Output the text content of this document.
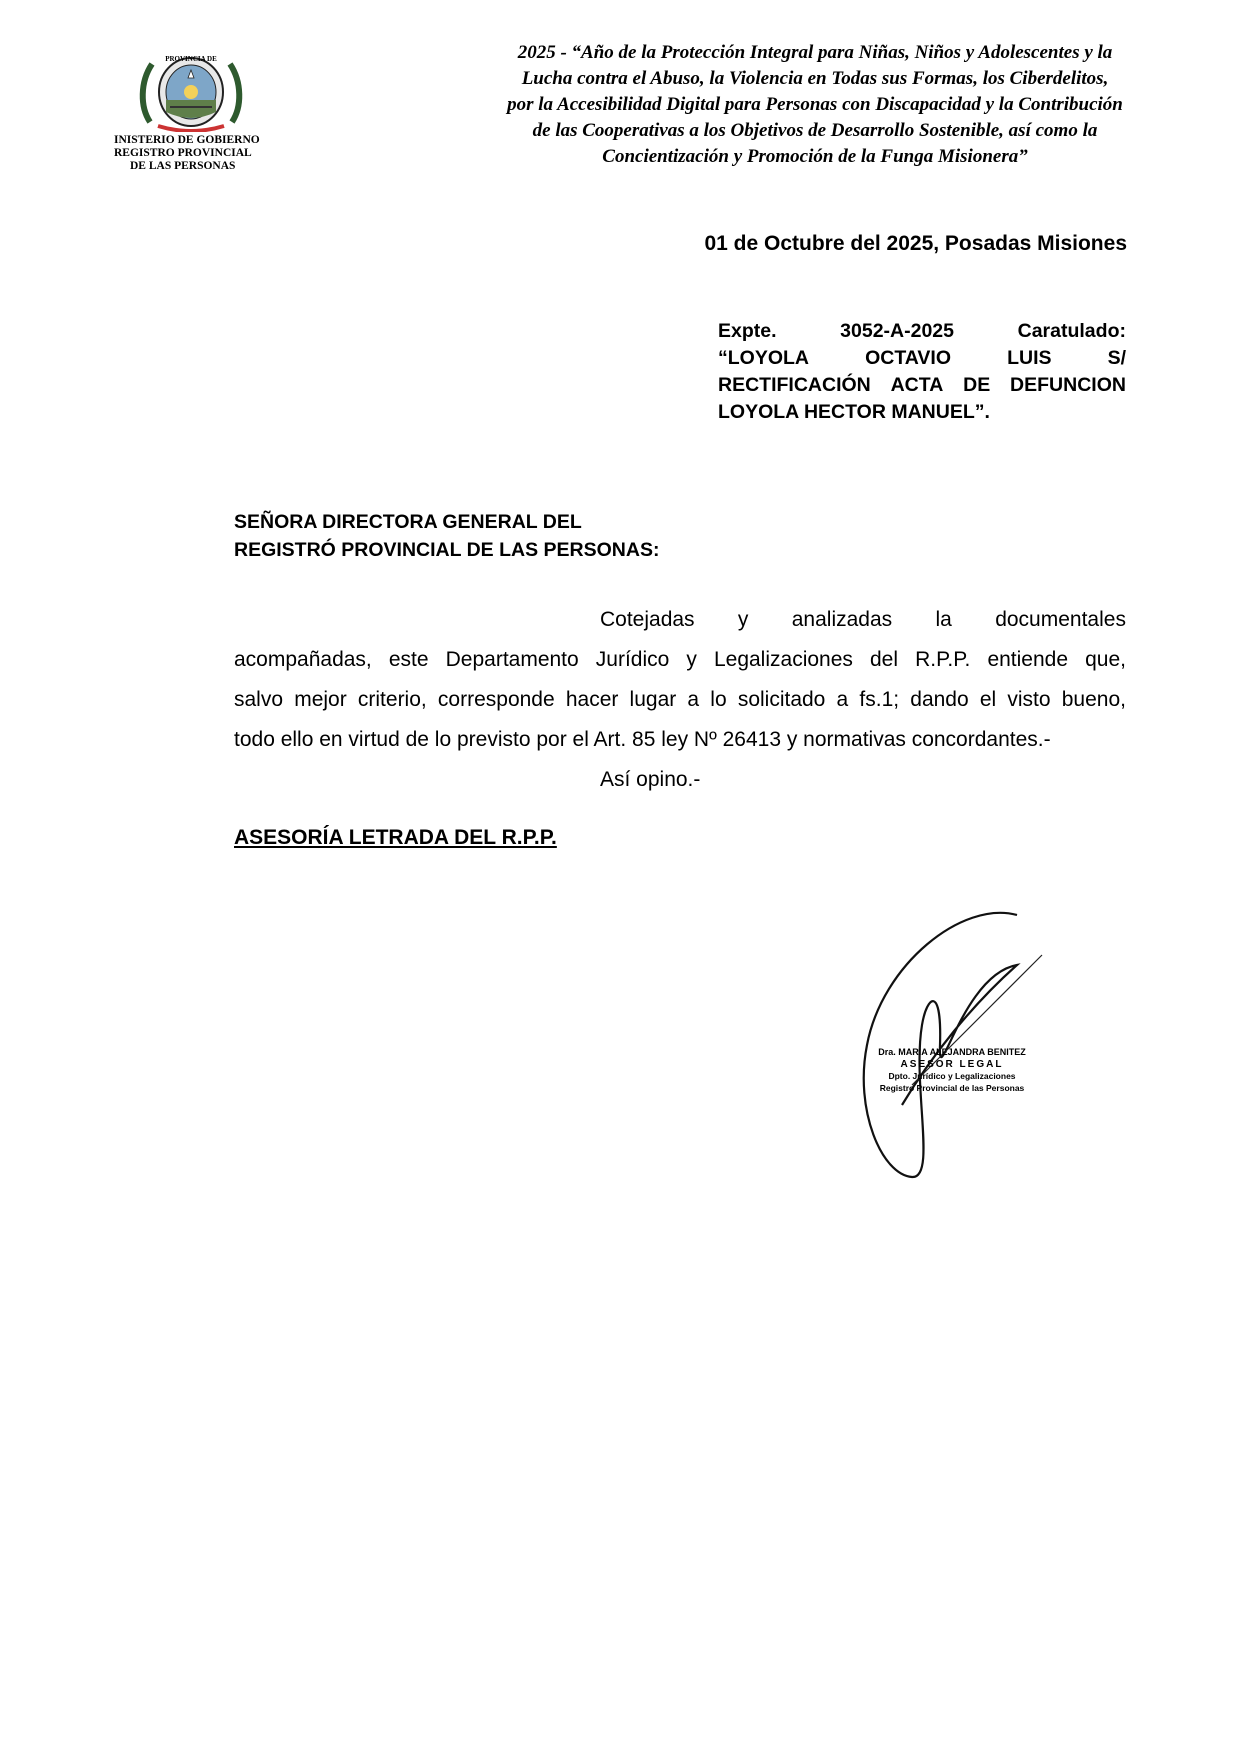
PROVINCIA DE
INISTERIO DE GOBIERNO
REGISTRO PROVINCIAL
DE LAS PERSONAS
2025 - “Año de la Protección Integral para Niñas, Niños y Adolescentes y la
Lucha contra el Abuso, la Violencia en Todas sus Formas, los Ciberdelitos,
por la Accesibilidad Digital para Personas con Discapacidad y la Contribución
de las Cooperativas a los Objetivos de Desarrollo Sostenible, así como la
Concientización y Promoción de la Funga Misionera”
01 de Octubre del 2025, Posadas Misiones
Expte.	3052-A-2025	Caratulado:
“LOYOLA	OCTAVIO	LUIS	S/
RECTIFICACIÓN ACTA DE DEFUNCION
LOYOLA HECTOR MANUEL”.
SEÑORA DIRECTORA GENERAL DEL
REGISTRÓ PROVINCIAL DE LAS PERSONAS:
Cotejadas y analizadas la documentales
acompañadas, este Departamento Jurídico y Legalizaciones del R.P.P. entiende que,
salvo mejor criterio, corresponde hacer lugar a lo solicitado a fs.1; dando el visto bueno,
todo ello en virtud de lo previsto por el Art. 85 ley Nº 26413 y normativas concordantes.-
Así opino.-
ASESORÍA LETRADA DEL R.P.P.
Dra. MARIA ALEJANDRA BENITEZ
ASESOR LEGAL
Dpto. Jurídico y Legalizaciones
Registro Provincial de las Personas
